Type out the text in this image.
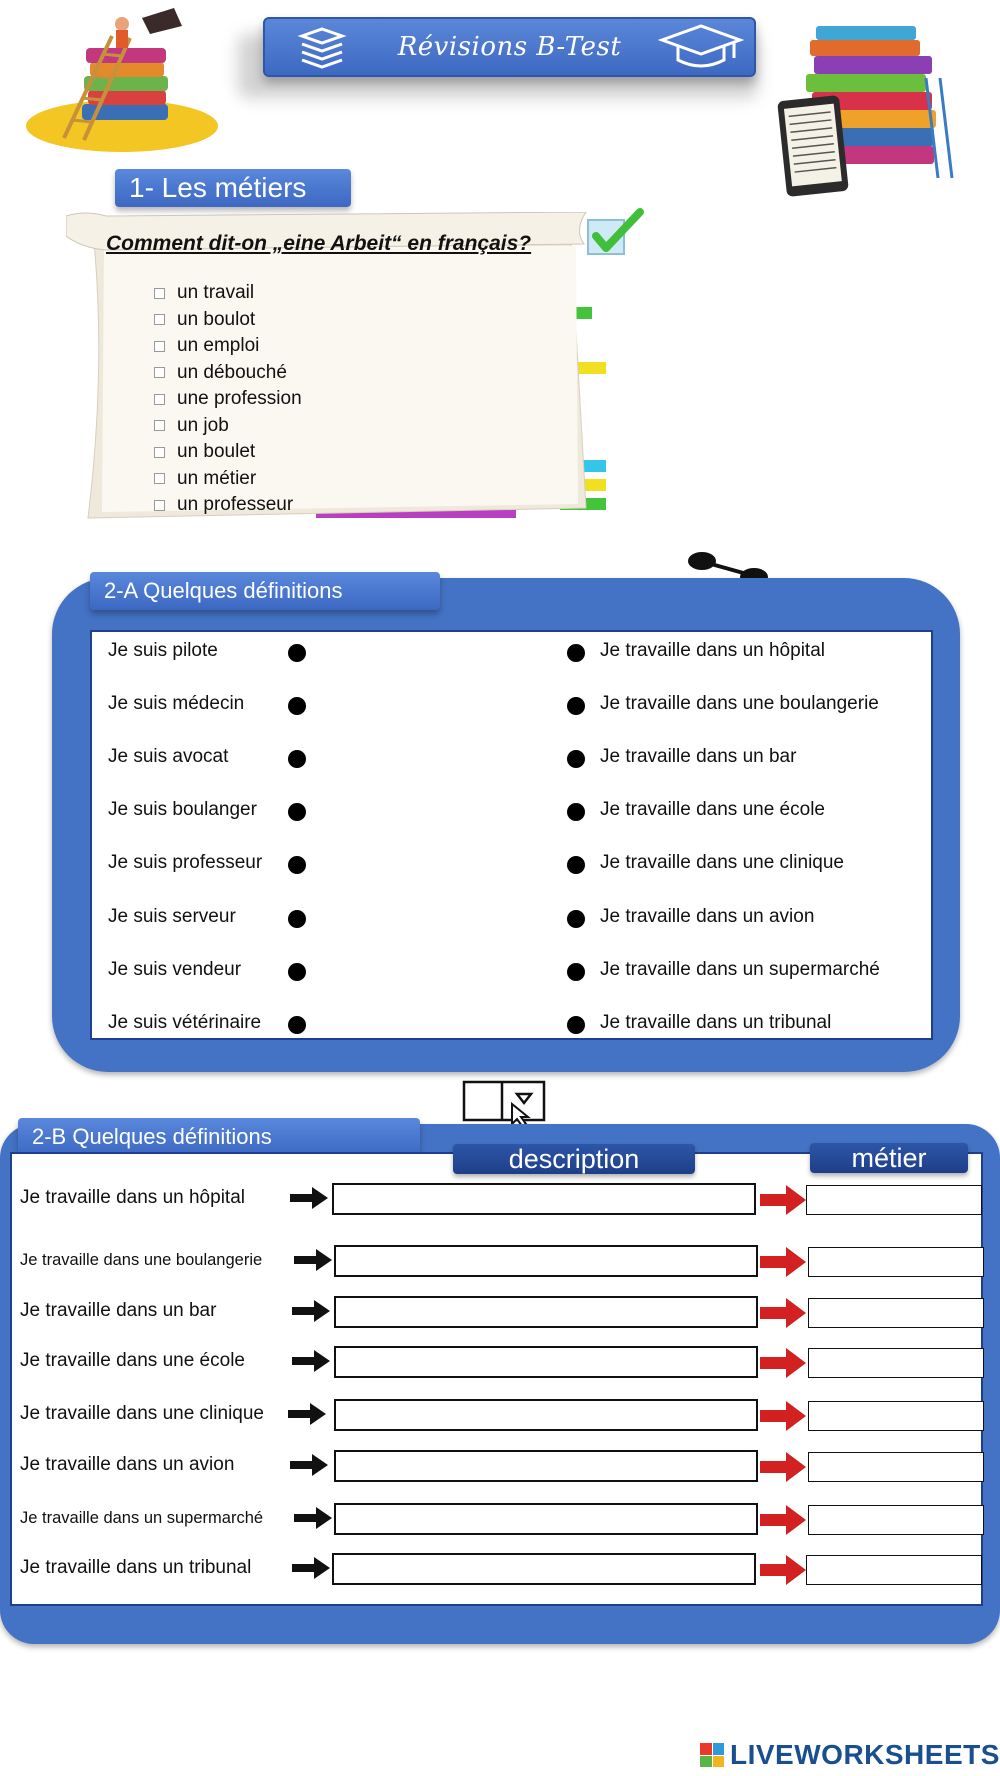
Révisions B-Test
1- Les métiers
Comment dit-on „eine Arbeit“ en français?
un travail
un boulot
un emploi
un débouché
une profession
un job
un boulet
un métier
un professeur
2-A Quelques définitions
Je suis pilote	Je travaille dans un hôpital
Je suis médecin	Je travaille dans une boulangerie
Je suis avocat	Je travaille dans un bar
Je suis boulanger	Je travaille dans une école
Je suis professeur	Je travaille dans une clinique
Je suis serveur	Je travaille dans un avion
Je suis vendeur	Je travaille dans un supermarché
Je suis vétérinaire	Je travaille dans un tribunal
2-B Quelques définitions
description	métier
Je travaille dans un hôpital
Je travaille dans une boulangerie
Je travaille dans un bar
Je travaille dans une école
Je travaille dans une clinique
Je travaille dans un avion
Je travaille dans un supermarché
Je travaille dans un tribunal
LIVEWORKSHEETS
